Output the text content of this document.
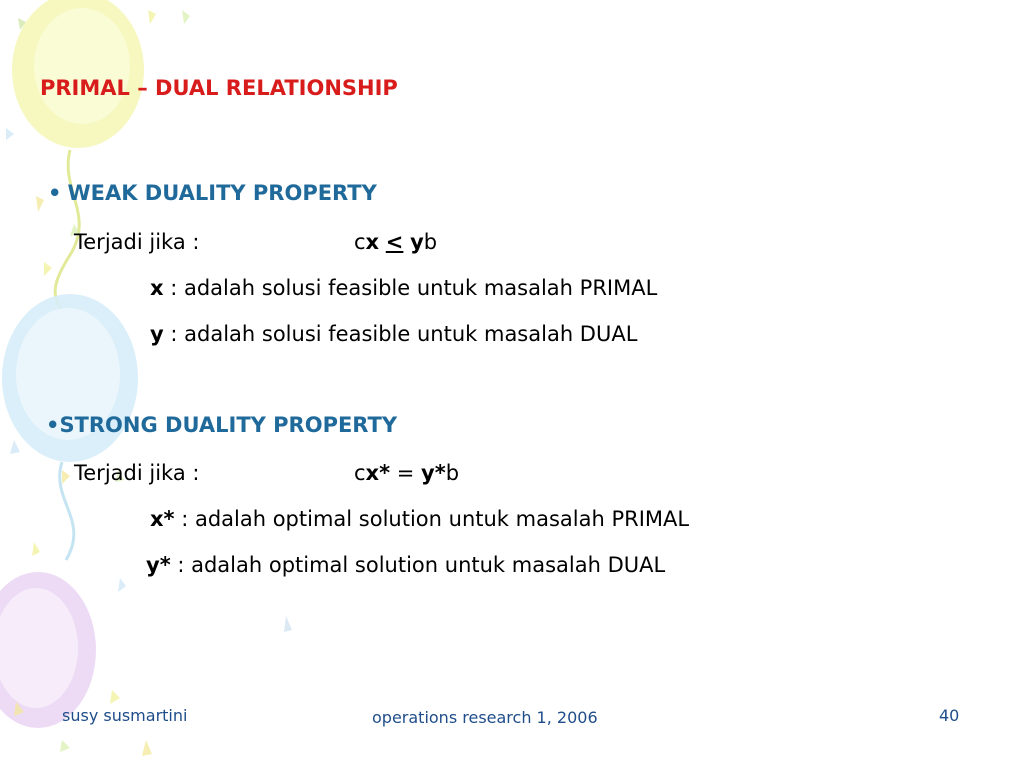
PRIMAL – DUAL RELATIONSHIP
• WEAK DUALITY PROPERTY
Terjadi jika :	cx < yb
x : adalah solusi feasible untuk masalah PRIMAL
y : adalah solusi feasible untuk masalah DUAL
•STRONG DUALITY PROPERTY
Terjadi jika :	cx* = y*b
x* : adalah optimal solution untuk masalah PRIMAL
y* : adalah optimal solution untuk masalah DUAL
susy susmartini	operations research 1, 2006	40
